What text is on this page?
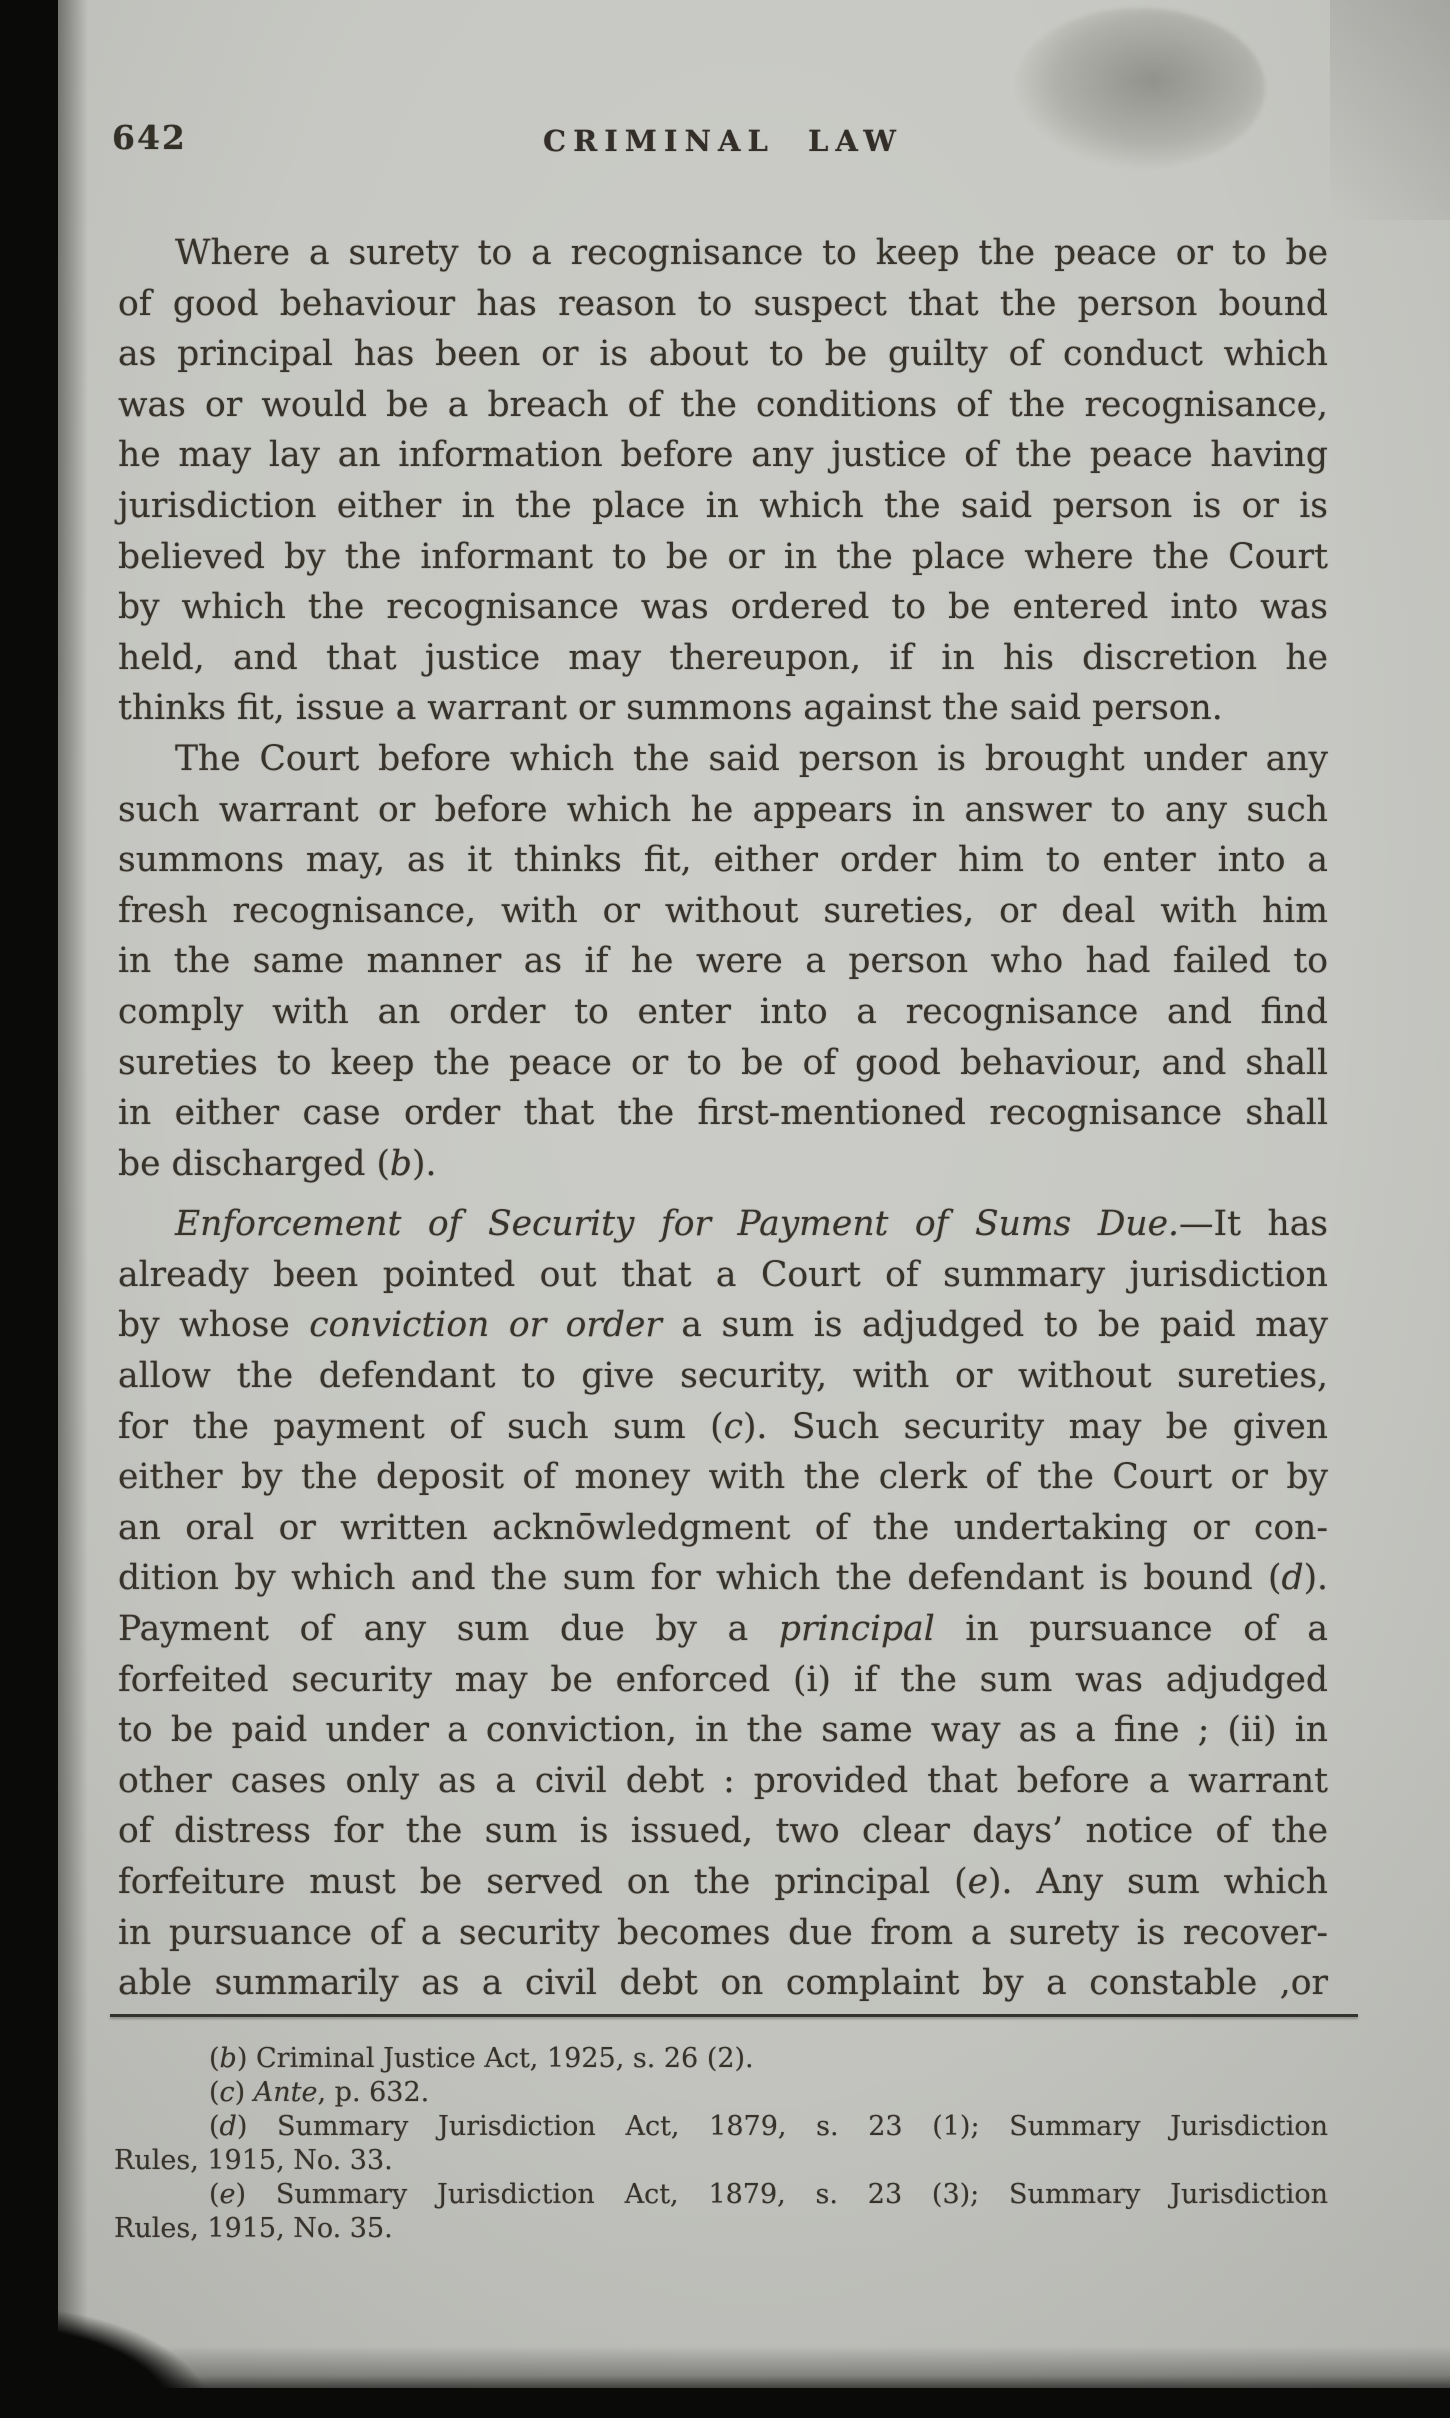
642	CRIMINAL LAW
Where a surety to a recognisance to keep the peace or to be
of good behaviour has reason to suspect that the person bound
as principal has been or is about to be guilty of conduct which
was or would be a breach of the conditions of the recognisance,
he may lay an information before any justice of the peace having
jurisdiction either in the place in which the said person is or is
believed by the informant to be or in the place where the Court
by which the recognisance was ordered to be entered into was
held, and that justice may thereupon, if in his discretion he
thinks fit, issue a warrant or summons against the said person.
The Court before which the said person is brought under any
such warrant or before which he appears in answer to any such
summons may, as it thinks fit, either order him to enter into a
fresh recognisance, with or without sureties, or deal with him
in the same manner as if he were a person who had failed to
comply with an order to enter into a recognisance and find
sureties to keep the peace or to be of good behaviour, and shall
in either case order that the first-mentioned recognisance shall
be discharged (b).
Enforcement of Security for Payment of Sums Due.—It has
already been pointed out that a Court of summary jurisdiction
by whose conviction or order a sum is adjudged to be paid may
allow the defendant to give security, with or without sureties,
for the payment of such sum (c). Such security may be given
either by the deposit of money with the clerk of the Court or by
an oral or written acknōwledgment of the undertaking or con-
dition by which and the sum for which the defendant is bound (d).
Payment of any sum due by a principal in pursuance of a
forfeited security may be enforced (i) if the sum was adjudged
to be paid under a conviction, in the same way as a fine ; (ii) in
other cases only as a civil debt : provided that before a warrant
of distress for the sum is issued, two clear days’ notice of the
forfeiture must be served on the principal (e). Any sum which
in pursuance of a security becomes due from a surety is recover-
able summarily as a civil debt on complaint by a constable ,or
(b) Criminal Justice Act, 1925, s. 26 (2).
(c) Ante, p. 632.
(d) Summary Jurisdiction Act, 1879, s. 23 (1); Summary Jurisdiction
Rules, 1915, No. 33.
(e) Summary Jurisdiction Act, 1879, s. 23 (3); Summary Jurisdiction
Rules, 1915, No. 35.
